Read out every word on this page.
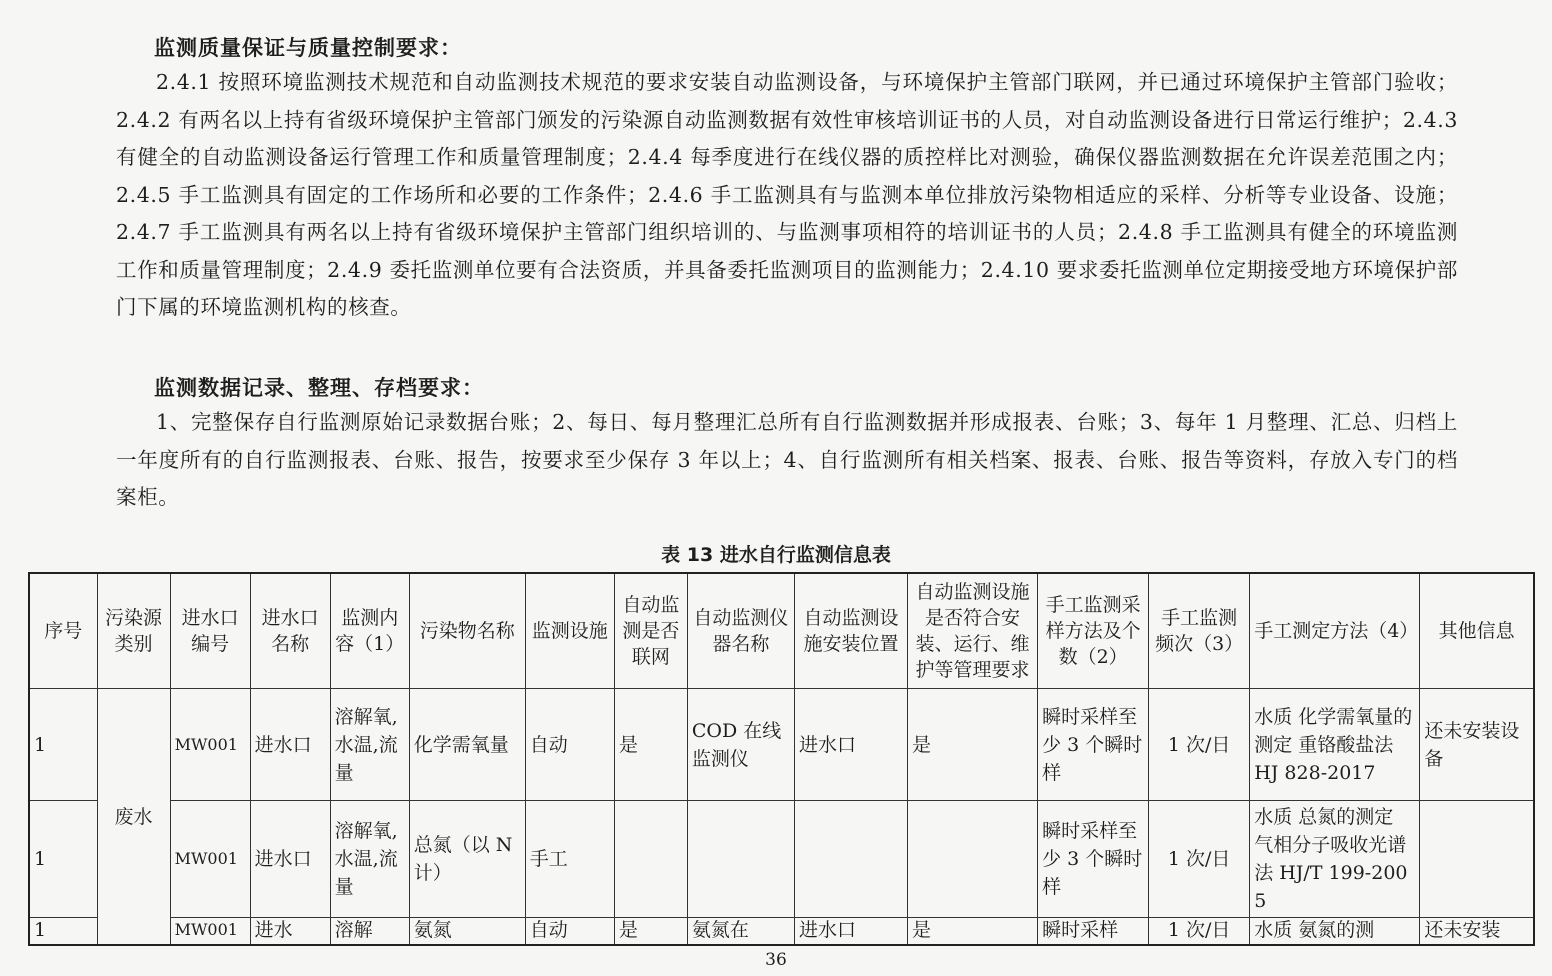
监测质量保证与质量控制要求：

2.4.1 按照环境监测技术规范和自动监测技术规范的要求安装自动监测设备，与环境保护主管部门联网，并已通过环境保护主管部门验收；2.4.2 有两名以上持有省级环境保护主管部门颁发的污染源自动监测数据有效性审核培训证书的人员，对自动监测设备进行日常运行维护；2.4.3 有健全的自动监测设备运行管理工作和质量管理制度；2.4.4 每季度进行在线仪器的质控样比对测验，确保仪器监测数据在允许误差范围之内；2.4.5 手工监测具有固定的工作场所和必要的工作条件；2.4.6 手工监测具有与监测本单位排放污染物相适应的采样、分析等专业设备、设施；2.4.7 手工监测具有两名以上持有省级环境保护主管部门组织培训的、与监测事项相符的培训证书的人员；2.4.8 手工监测具有健全的环境监测工作和质量管理制度；2.4.9 委托监测单位要有合法资质，并具备委托监测项目的监测能力；2.4.10 要求委托监测单位定期接受地方环境保护部门下属的环境监测机构的核查。

监测数据记录、整理、存档要求：

1、完整保存自行监测原始记录数据台账；2、每日、每月整理汇总所有自行监测数据并形成报表、台账；3、每年 1 月整理、汇总、归档上一年度所有的自行监测报表、台账、报告，按要求至少保存 3 年以上；4、自行监测所有相关档案、报表、台账、报告等资料，存放入专门的档案柜。

表 13 进水自行监测信息表
序号	污染源类别	进水口编号	进水口名称	监测内容（1）	污染物名称	监测设施	自动监测是否联网	自动监测仪器名称	自动监测设施安装位置	自动监测设施是否符合安装、运行、维护等管理要求	手工监测采样方法及个数（2）	手工监测频次（3）	手工测定方法（4）	其他信息
1	废水	MW001	进水口	溶解氧,水温,流量	化学需氧量	自动	是	COD 在线监测仪	进水口	是	瞬时采样至少 3 个瞬时样	1 次/日	水质 化学需氧量的测定 重铬酸盐法 HJ 828-2017	还未安装设备
1		MW001	进水口	溶解氧,水温,流量	总氮（以 N 计）	手工					瞬时采样至少 3 个瞬时样	1 次/日	水质 总氮的测定 气相分子吸收光谱法 HJ/T 199-2005	
1		MW001	进水	溶解	氨氮	自动	是	氨氮在	进水口	是	瞬时采样	1 次/日	水质 氨氮的测	还未安装
36
